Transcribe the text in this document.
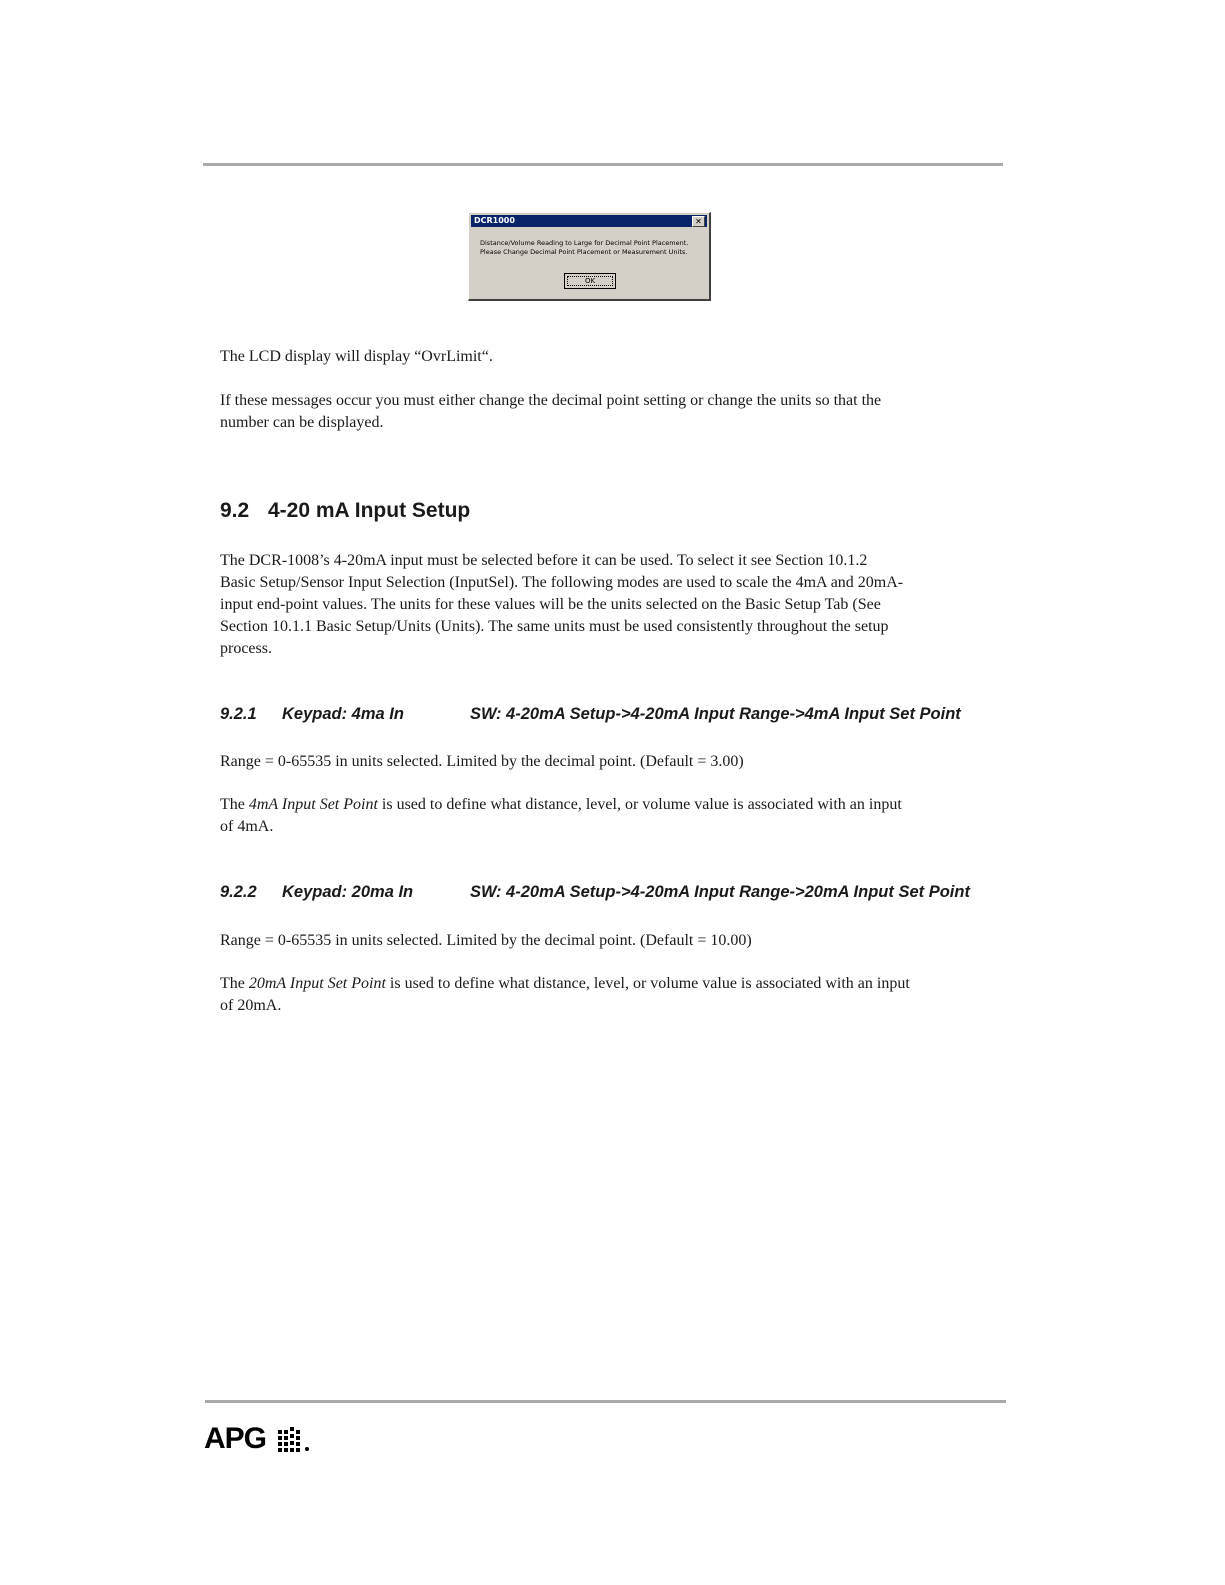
DCR1000	✕
Distance/Volume Reading to Large for Decimal Point Placement.
Please Change Decimal Point Placement or Measurement Units.
OK
The LCD display will display “OvrLimit“.
If these messages occur you must either change the decimal point setting or change the units so that the
number can be displayed.
9.2 4-20 mA Input Setup
The DCR-1008’s 4-20mA input must be selected before it can be used. To select it see Section 10.1.2
Basic Setup/Sensor Input Selection (InputSel). The following modes are used to scale the 4mA and 20mA-
input end-point values. The units for these values will be the units selected on the Basic Setup Tab (See
Section 10.1.1 Basic Setup/Units (Units). The same units must be used consistently throughout the setup
process.
9.2.1 Keypad: 4ma In	SW: 4-20mA Setup->4-20mA Input Range->4mA Input Set Point
Range = 0-65535 in units selected. Limited by the decimal point. (Default = 3.00)
The 4mA Input Set Point is used to define what distance, level, or volume value is associated with an input
of 4mA.
9.2.2 Keypad: 20ma In	SW: 4-20mA Setup->4-20mA Input Range->20mA Input Set Point
Range = 0-65535 in units selected. Limited by the decimal point. (Default = 10.00)
The 20mA Input Set Point is used to define what distance, level, or volume value is associated with an input
of 20mA.
APG
